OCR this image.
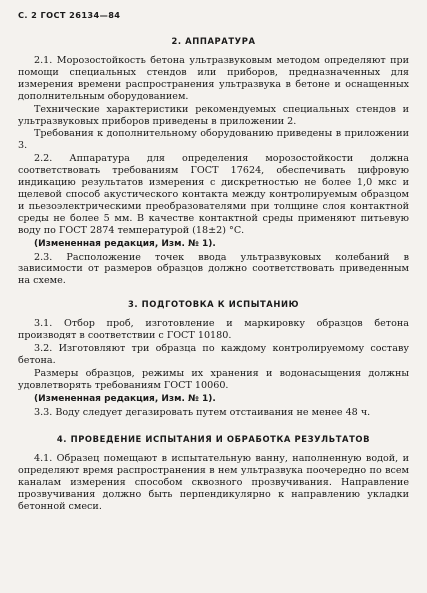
С. 2 ГОСТ 26134—84
2. АППАРАТУРА

2.1. Морозостойкость бетона ультразвуковым методом определяют при помощи специальных стендов или приборов, предназначенных для измерения времени распространения ультразвука в бетоне и оснащенных дополнительным оборудованием.

Технические характеристики рекомендуемых специальных стендов и ультразвуковых приборов приведены в приложении 2.

Требования к дополнительному оборудованию приведены в приложении 3.

2.2. Аппаратура для определения морозостойкости должна соответствовать требованиям ГОСТ 17624, обеспечивать цифровую индикацию результатов измерения с дискретностью не более 1,0 мкс и щелевой способ акустического контакта между контролируемым образцом и пьезоэлектрическими преобразователями при толщине слоя контактной среды не более 5 мм. В качестве контактной среды применяют питьевую воду по ГОСТ 2874 температурой (18±2) °С.

(Измененная редакция, Изм. № 1).

2.3. Расположение точек ввода ультразвуковых колебаний в зависимости от размеров образцов должно соответствовать приведенным на схеме.

3. ПОДГОТОВКА К ИСПЫТАНИЮ

3.1. Отбор проб, изготовление и маркировку образцов бетона производят в соответствии с ГОСТ 10180.

3.2. Изготовляют три образца по каждому контролируемому составу бетона.

Размеры образцов, режимы их хранения и водонасыщения должны удовлетворять требованиям ГОСТ 10060.

(Измененная редакция, Изм. № 1).

3.3. Воду следует дегазировать путем отстаивания не менее 48 ч.

4. ПРОВЕДЕНИЕ ИСПЫТАНИЯ И ОБРАБОТКА РЕЗУЛЬТАТОВ

4.1. Образец помещают в испытательную ванну, наполненную водой, и определяют время распространения в нем ультразвука поочередно по всем каналам измерения способом сквозного прозвучивания. Направление прозвучивания должно быть перпендикулярно к направлению укладки бетонной смеси.
